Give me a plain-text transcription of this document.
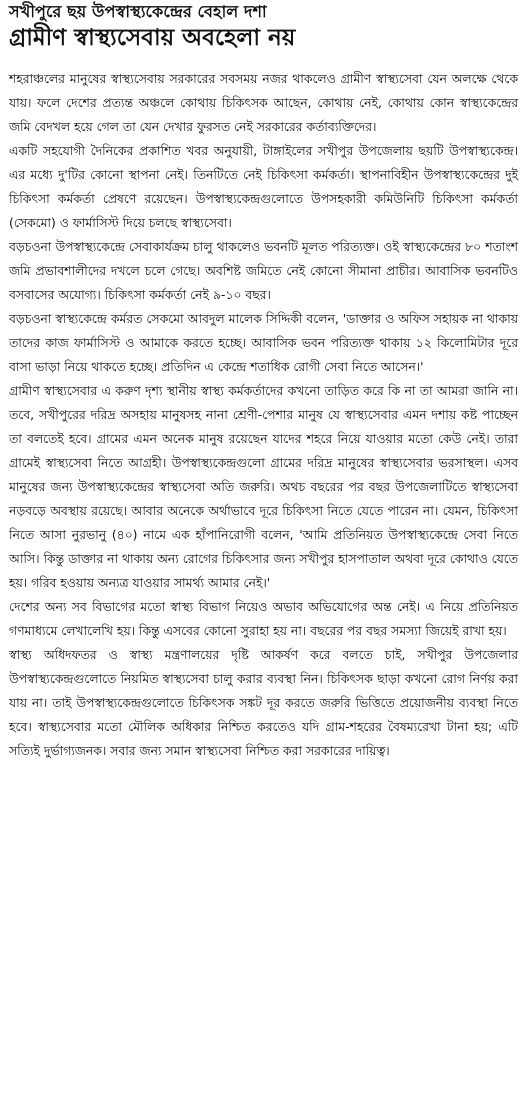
সখীপুরে ছয় উপস্বাস্থ্যকেন্দ্রের বেহাল দশা
গ্রামীণ স্বাস্থ্যসেবায় অবহেলা নয়

শহরাঞ্চলের মানুষের স্বাস্থ্যসেবায় সরকারের সবসময় নজর থাকলেও গ্রামীণ স্বাস্থ্যসেবা যেন অলক্ষে থেকে যায়। ফলে দেশের প্রত্যন্ত অঞ্চলে কোথায় চিকিৎসক আছেন, কোথায় নেই, কোথায় কোন স্বাস্থ্যকেন্দ্রের জমি বেদখল হয়ে গেল তা যেন দেখার ফুরসত নেই সরকারের কর্তাব্যক্তিদের।

একটি সহযোগী দৈনিকের প্রকাশিত খবর অনুযায়ী, টাঙ্গাইলের সখীপুর উপজেলায় ছয়টি উপস্বাস্থ্যকেন্দ্র। এর মধ্যে দু'টির কোনো স্থাপনা নেই। তিনটিতে নেই চিকিৎসা কর্মকর্তা। স্থাপনাবিহীন উপস্বাস্থ্যকেন্দ্রের দুই চিকিৎসা কর্মকর্তা প্রেষণে রয়েছেন। উপস্বাস্থ্যকেন্দ্রগুলোতে উপসহকারী কমিউনিটি চিকিৎসা কর্মকর্তা (সেকমো) ও ফার্মাসিস্ট দিয়ে চলছে স্বাস্থ্যসেবা।

বড়চওনা উপস্বাস্থ্যকেন্দ্রে সেবাকার্যক্রম চালু থাকলেও ভবনটি মূলত পরিত্যক্ত। ওই স্বাস্থ্যকেন্দ্রের ৮০ শতাংশ জমি প্রভাবশালীদের দখলে চলে গেছে। অবশিষ্ট জমিতে নেই কোনো সীমানা প্রাচীর। আবাসিক ভবনটিও বসবাসের অযোগ্য। চিকিৎসা কর্মকর্তা নেই ৯-১০ বছর।

বড়চওনা স্বাস্থ্যকেন্দ্রে কর্মরত সেকমো আবদুল মালেক সিদ্দিকী বলেন, 'ডাক্তার ও অফিস সহায়ক না থাকায় তাদের কাজ ফার্মাসিস্ট ও আমাকে করতে হচ্ছে। আবাসিক ভবন পরিত্যক্ত থাকায় ১২ কিলোমিটার দূরে বাসা ভাড়া নিয়ে থাকতে হচ্ছে। প্রতিদিন এ কেন্দ্রে শতাধিক রোগী সেবা নিতে আসেন।'

গ্রামীণ স্বাস্থ্যসেবার এ করুণ দৃশ্য স্থানীয় স্বাস্থ্য কর্মকর্তাদের কখনো তাড়িত করে কি না তা আমরা জানি না। তবে, সখীপুরের দরিদ্র অসহায় মানুষসহ নানা শ্রেণী-পেশার মানুষ যে স্বাস্থ্যসেবার এমন দশায় কষ্ট পাচ্ছেন তা বলতেই হবে। গ্রামের এমন অনেক মানুষ রয়েছেন যাদের শহরে নিয়ে যাওয়ার মতো কেউ নেই। তারা গ্রামেই স্বাস্থ্যসেবা নিতে আগ্রহী। উপস্বাস্থ্যকেন্দ্রগুলো গ্রামের দরিদ্র মানুষের স্বাস্থ্যসেবার ভরসাস্থল। এসব মানুষের জন্য উপস্বাস্থ্যকেন্দ্রের স্বাস্থ্যসেবা অতি জরুরি। অথচ বছরের পর বছর উপজেলাটিতে স্বাস্থ্যসেবা নড়বড়ে অবস্থায় রয়েছে। আবার অনেকে অর্থাভাবে দূরে চিকিৎসা নিতে যেতে পারেন না। যেমন, চিকিৎসা নিতে আসা নুরভানু (৪০) নামে এক হাঁপানিরোগী বলেন, 'আমি প্রতিনিয়ত উপস্বাস্থ্যকেন্দ্রে সেবা নিতে আসি। কিন্তু ডাক্তার না থাকায় অন্য রোগের চিকিৎসার জন্য সখীপুর হাসপাতাল অথবা দূরে কোথাও যেতে হয়। গরিব হওয়ায় অন্যত্র যাওয়ার সামর্থ্য আমার নেই।'

দেশের অন্য সব বিভাগের মতো স্বাস্থ্য বিভাগ নিয়েও অভাব অভিযোগের অন্ত নেই। এ নিয়ে প্রতিনিয়ত গণমাধ্যমে লেখালেখি হয়। কিন্তু এসবের কোনো সুরাহা হয় না। বছরের পর বছর সমস্যা জিয়েই রাখা হয়।

স্বাস্থ্য অধিদফতর ও স্বাস্থ্য মন্ত্রণালয়ের দৃষ্টি আকর্ষণ করে বলতে চাই, সখীপুর উপজেলার উপস্বাস্থ্যকেন্দ্রগুলোতে নিয়মিত স্বাস্থ্যসেবা চালু করার ব্যবস্থা নিন। চিকিৎসক ছাড়া কখনো রোগ নির্ণয় করা যায় না। তাই উপস্বাস্থ্যকেন্দ্রগুলোতে চিকিৎসক সঙ্কট দূর করতে জরুরি ভিত্তিতে প্রয়োজনীয় ব্যবস্থা নিতে হবে। স্বাস্থ্যসেবার মতো মৌলিক অধিকার নিশ্চিত করতেও যদি গ্রাম-শহরের বৈষম্যরেখা টানা হয়; এটি সত্যিই দুর্ভাগ্যজনক। সবার জন্য সমান স্বাস্থ্যসেবা নিশ্চিত করা সরকারের দায়িত্ব।
